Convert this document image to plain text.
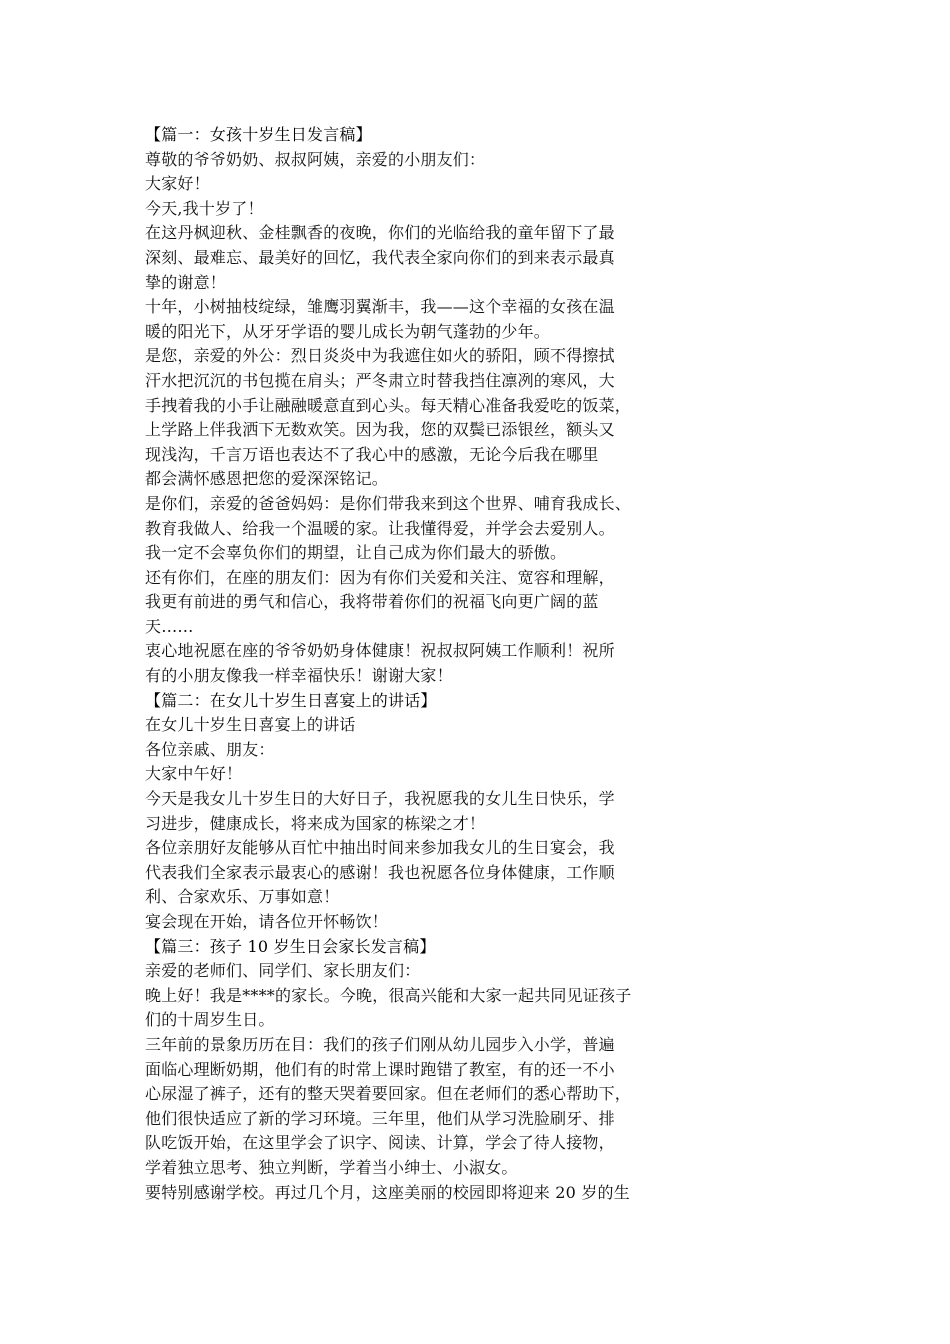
【篇一：女孩十岁生日发言稿】
尊敬的爷爷奶奶、叔叔阿姨，亲爱的小朋友们：
大家好！
今天,我十岁了！
在这丹枫迎秋、金桂飘香的夜晚，你们的光临给我的童年留下了最
深刻、最难忘、最美好的回忆，我代表全家向你们的到来表示最真
挚的谢意！
十年，小树抽枝绽绿，雏鹰羽翼渐丰，我——这个幸福的女孩在温
暖的阳光下，从牙牙学语的婴儿成长为朝气蓬勃的少年。
是您，亲爱的外公：烈日炎炎中为我遮住如火的骄阳，顾不得擦拭
汗水把沉沉的书包揽在肩头；严冬肃立时替我挡住凛冽的寒风，大
手拽着我的小手让融融暖意直到心头。每天精心准备我爱吃的饭菜，
上学路上伴我洒下无数欢笑。因为我，您的双鬓已添银丝，额头又
现浅沟，千言万语也表达不了我心中的感激，无论今后我在哪里
都会满怀感恩把您的爱深深铭记。
是你们，亲爱的爸爸妈妈：是你们带我来到这个世界、哺育我成长、
教育我做人、给我一个温暖的家。让我懂得爱，并学会去爱别人。
我一定不会辜负你们的期望，让自己成为你们最大的骄傲。
还有你们，在座的朋友们：因为有你们关爱和关注、宽容和理解，
我更有前进的勇气和信心，我将带着你们的祝福飞向更广阔的蓝
天……
衷心地祝愿在座的爷爷奶奶身体健康！祝叔叔阿姨工作顺利！祝所
有的小朋友像我一样幸福快乐！谢谢大家！
【篇二：在女儿十岁生日喜宴上的讲话】
在女儿十岁生日喜宴上的讲话
各位亲戚、朋友：
大家中午好！
今天是我女儿十岁生日的大好日子，我祝愿我的女儿生日快乐，学
习进步，健康成长，将来成为国家的栋梁之才！
各位亲朋好友能够从百忙中抽出时间来参加我女儿的生日宴会，我
代表我们全家表示最衷心的感谢！我也祝愿各位身体健康，工作顺
利、合家欢乐、万事如意！
宴会现在开始，请各位开怀畅饮！
【篇三：孩子 10 岁生日会家长发言稿】
亲爱的老师们、同学们、家长朋友们：
晚上好！我是****的家长。今晚，很高兴能和大家一起共同见证孩子
们的十周岁生日。
三年前的景象历历在目：我们的孩子们刚从幼儿园步入小学，普遍
面临心理断奶期，他们有的时常上课时跑错了教室，有的还一不小
心尿湿了裤子，还有的整天哭着要回家。但在老师们的悉心帮助下，
他们很快适应了新的学习环境。三年里，他们从学习洗脸刷牙、排
队吃饭开始，在这里学会了识字、阅读、计算，学会了待人接物，
学着独立思考、独立判断，学着当小绅士、小淑女。
要特别感谢学校。再过几个月，这座美丽的校园即将迎来 20 岁的生
